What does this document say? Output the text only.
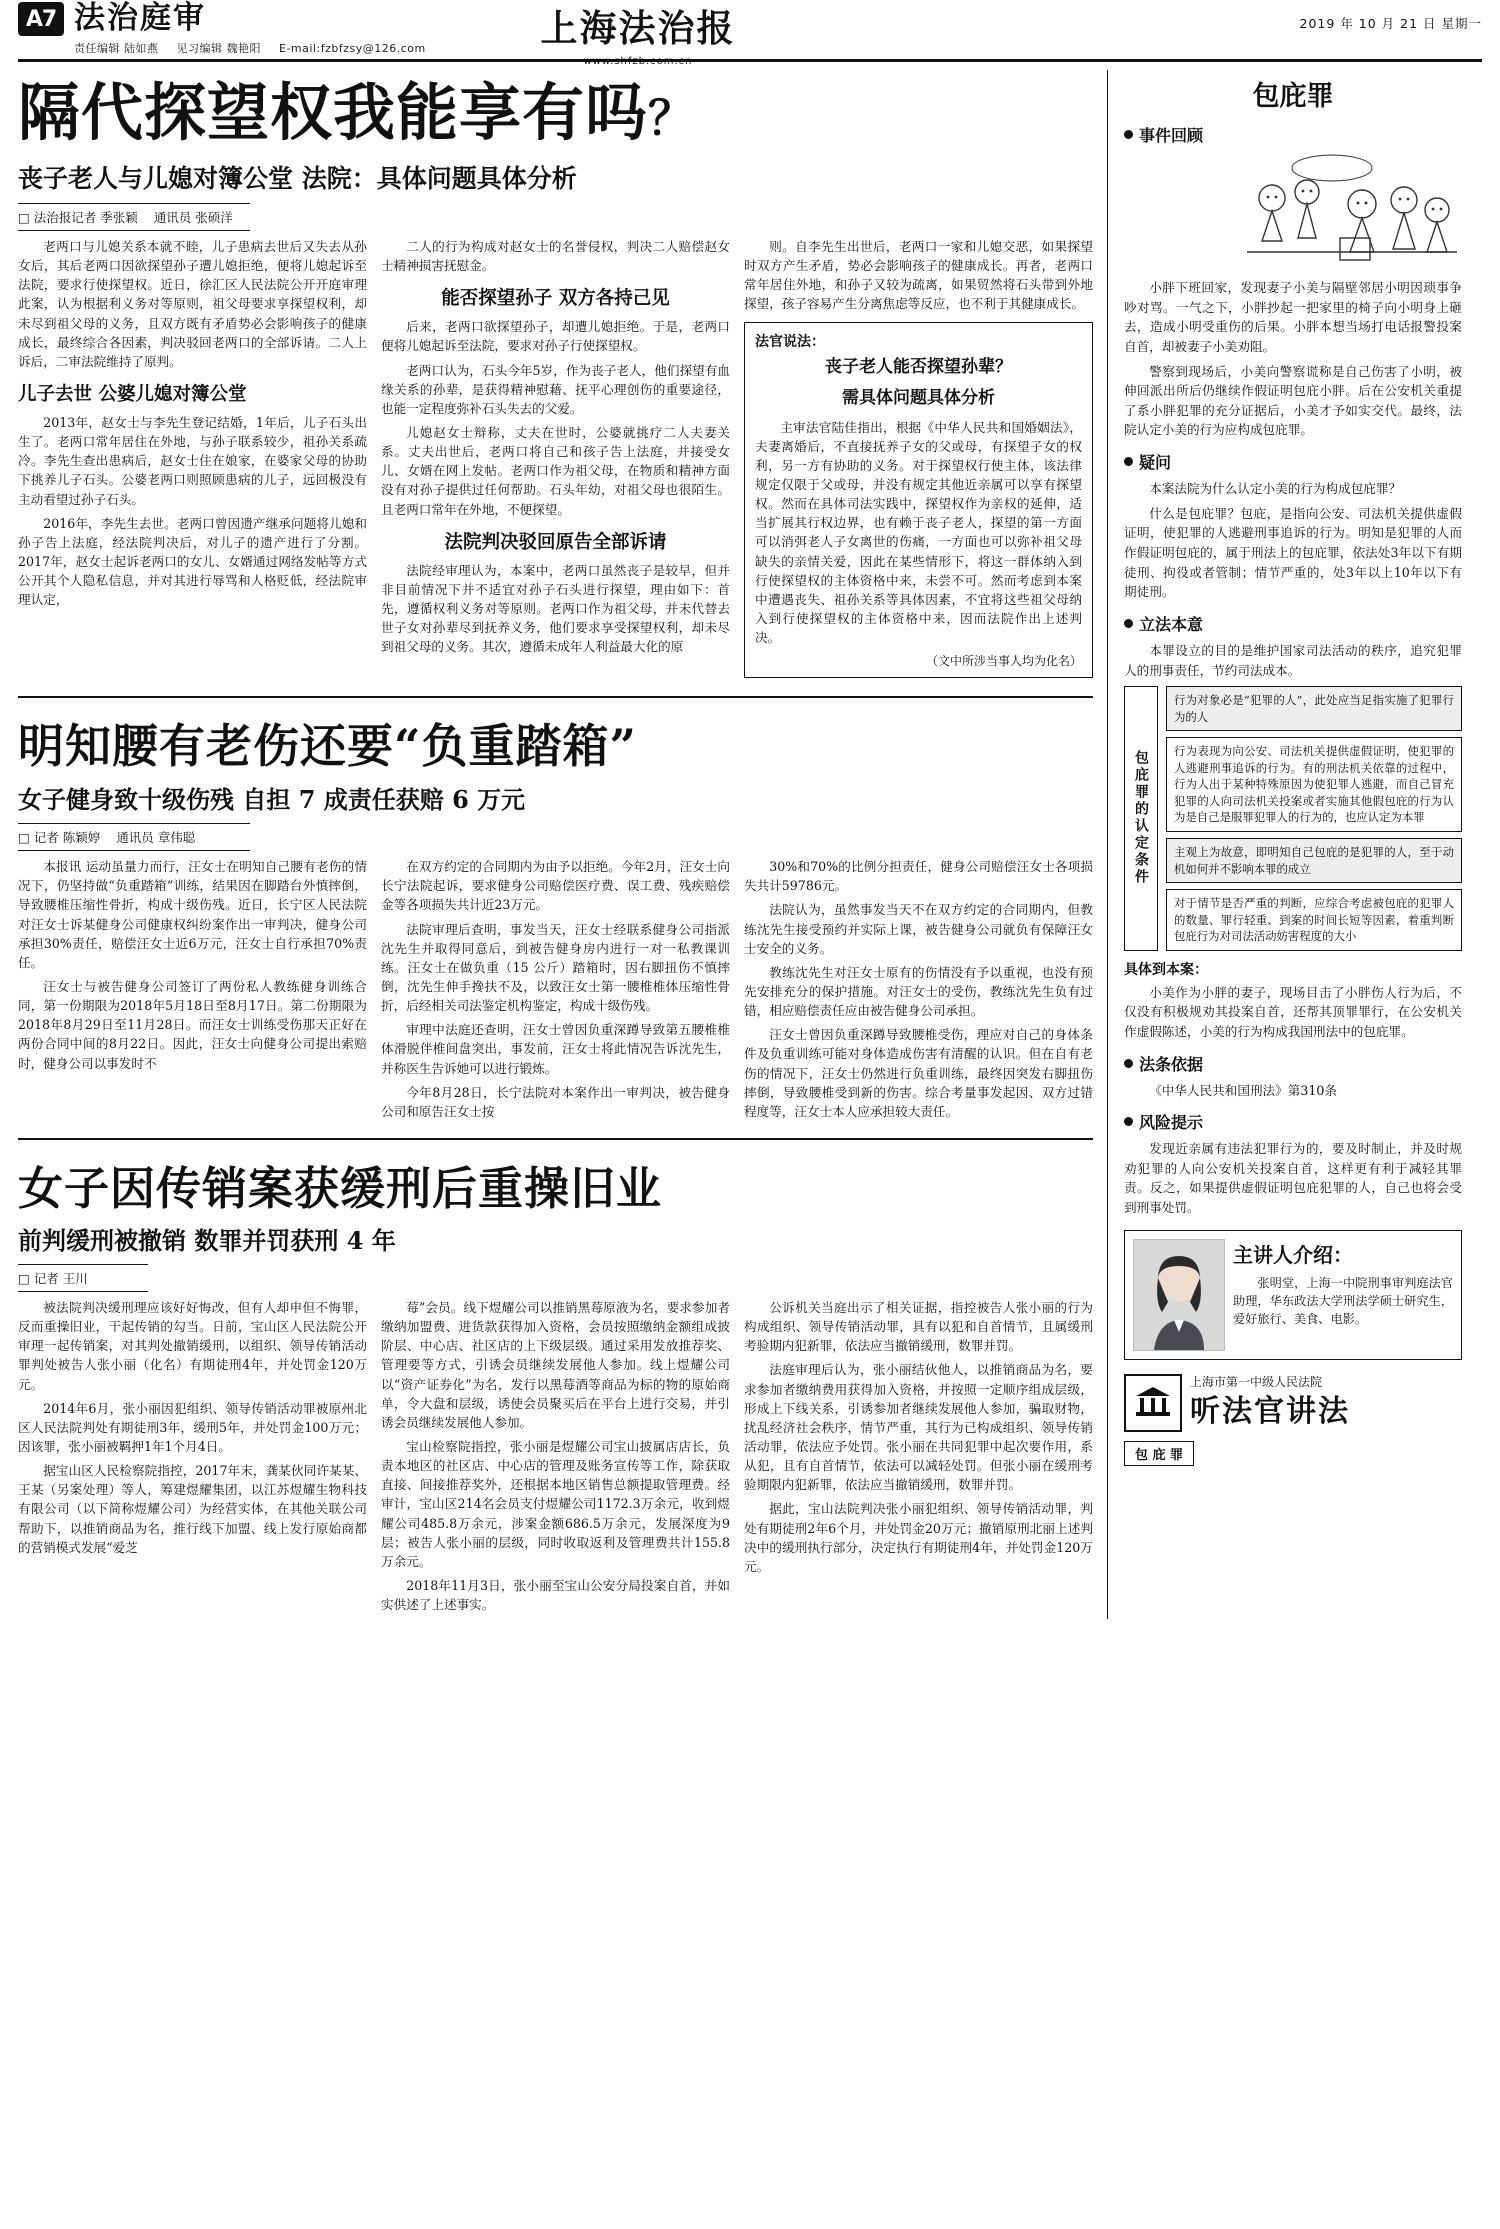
A7 法治庭审
责任编辑 陆如燕 见习编辑 魏艳阳 E-mail:fzbfzsy@126.com	上海法治报
www.shfzb.com.cn
2019 年 10 月 21 日 星期一
隔代探望权我能享有吗？
丧子老人与儿媳对簿公堂 法院：具体问题具体分析
□ 法治报记者 季张颖 通讯员 张硕洋

老两口与儿媳关系本就不睦，儿子患病去世后又失去从孙女后，其后老两口因欲探望孙子遭儿媳拒绝，便将儿媳起诉至法院，要求行使探望权。近日，徐汇区人民法院公开开庭审理此案，认为根据利义务对等原则，祖父母要求享探望权利，却未尽到祖父母的义务，且双方既有矛盾势必会影响孩子的健康成长，最终综合各因素，判决驳回老两口的全部诉请。二人上诉后，二审法院维持了原判。

儿子去世 公婆儿媳对簿公堂

2013年，赵女士与李先生登记结婚，1年后，儿子石头出生了。老两口常年居住在外地，与孙子联系较少，祖孙关系疏冷。李先生查出患病后，赵女士住在娘家，在婆家父母的协助下挑养儿子石头。公婆老两口则照顾患病的儿子，远回极没有主动看望过孙子石头。

2016年，李先生去世。老两口曾因遗产继承问题将儿媳和孙子告上法庭，经法院判决后，对儿子的遗产进行了分割。2017年，赵女士起诉老两口的女儿、女婿通过网络发帖等方式公开其个人隐私信息，并对其进行辱骂和人格贬低，经法院审理认定，

二人的行为构成对赵女士的名誉侵权，判决二人赔偿赵女士精神损害抚慰金。

能否探望孙子 双方各持己见

后来，老两口欲探望孙子，却遭儿媳拒绝。于是，老两口便将儿媳起诉至法院，要求对孙子行使探望权。

老两口认为，石头今年5岁，作为丧子老人，他们探望有血缘关系的孙辈，是获得精神慰藉、抚平心理创伤的重要途径，也能一定程度弥补石头失去的父爱。

儿媳赵女士辩称，丈夫在世时，公婆就挑疗二人夫妻关系。丈夫出世后，老两口将自己和孩子告上法庭，并接受女儿、女婿在网上发帖。老两口作为祖父母，在物质和精神方面没有对孙子提供过任何帮助。石头年幼，对祖父母也很陌生。且老两口常年在外地，不便探望。

法院判决驳回原告全部诉请

法院经审理认为，本案中，老两口虽然丧子是较早，但并非目前情况下并不适宜对孙子石头进行探望，理由如下：首先，遵循权利义务对等原则。老两口作为祖父母，并未代替去世子女对孙辈尽到抚养义务，他们要求享受探望权利，却未尽到祖父母的义务。其次，遵循未成年人利益最大化的原

则。自李先生出世后，老两口一家和儿媳交恶，如果探望时双方产生矛盾，势必会影响孩子的健康成长。再者，老两口常年居住外地，和孙子又较为疏离，如果贸然将石头带到外地探望，孩子容易产生分离焦虑等反应，也不利于其健康成长。

法官说法：
丧子老人能否探望孙辈？
需具体问题具体分析

主审法官陆佳指出，根据《中华人民共和国婚姻法》，夫妻离婚后，不直接抚养子女的父或母，有探望子女的权利，另一方有协助的义务。对于探望权行使主体，该法律规定仅限于父或母，并没有规定其他近亲属可以享有探望权。然而在具体司法实践中，探望权作为亲权的延伸，适当扩展其行权边界，也有赖于丧子老人，探望的第一方面可以消弭老人子女离世的伤痛，一方面也可以弥补祖父母缺失的亲情关爱，因此在某些情形下，将这一群体纳入到行使探望权的主体资格中来，未尝不可。然而考虑到本案中遭遇丧失、祖孙关系等具体因素，不宜将这些祖父母纳入到行使探望权的主体资格中来，因而法院作出上述判决。

（文中所涉当事人均为化名）
明知腰有老伤还要“负重踏箱”
女子健身致十级伤残 自担 7 成责任获赔 6 万元
□ 记者 陈颖婷 通讯员 章伟聪

本报讯 运动虽量力而行，汪女士在明知自己腰有老伤的情况下，仍坚持做“负重踏箱”训练，结果因在脚踏台外慎摔倒，导致腰椎压缩性骨折，构成十级伤残。近日，长宁区人民法院对汪女士诉某健身公司健康权纠纷案作出一审判决，健身公司承担30%责任，赔偿汪女士近6万元，汪女士自行承担70%责任。

汪女士与被告健身公司签订了两份私人教练健身训练合同，第一份期限为2018年5月18日至8月17日。第二份期限为2018年8月29日至11月28日。而汪女士训练受伤那天正好在两份合同中间的8月22日。因此，汪女士向健身公司提出索赔时，健身公司以事发时不

在双方约定的合同期内为由予以拒绝。今年2月，汪女士向长宁法院起诉，要求健身公司赔偿医疗费、误工费、残疾赔偿金等各项损失共计近23万元。

法院审理后查明，事发当天，汪女士经联系健身公司指派沈先生并取得同意后，到被告健身房内进行一对一私教课训练。汪女士在做负重（15 公斤）踏箱时，因右脚扭伤不慎摔倒，沈先生伸手搀扶不及，以致汪女士第一腰椎椎体压缩性骨折，后经相关司法鉴定机构鉴定，构成十级伤残。

审理中法庭还查明，汪女士曾因负重深蹲导致第五腰椎椎体滑脱伴椎间盘突出，事发前，汪女士将此情况告诉沈先生，并称医生告诉她可以进行锻炼。

今年8月28日，长宁法院对本案作出一审判决，被告健身公司和原告汪女士按

30%和70%的比例分担责任，健身公司赔偿汪女士各项损失共计59786元。

法院认为，虽然事发当天不在双方约定的合同期内，但教练沈先生接受预约并实际上课，被告健身公司就负有保障汪女士安全的义务。

教练沈先生对汪女士原有的伤情没有予以重视，也没有预先安排充分的保护措施。对汪女士的受伤，教练沈先生负有过错，相应赔偿责任应由被告健身公司承担。

汪女士曾因负重深蹲导致腰椎受伤，理应对自己的身体条件及负重训练可能对身体造成伤害有清醒的认识。但在自有老伤的情况下，汪女士仍然进行负重训练，最终因突发右脚扭伤摔倒，导致腰椎受到新的伤害。综合考量事发起因、双方过错程度等，汪女士本人应承担较大责任。

女子因传销案获缓刑后重操旧业
前判缓刑被撤销 数罪并罚获刑 4 年
□ 记者 王川

被法院判决缓刑理应该好好悔改，但有人却申但不悔罪，反而重操旧业，干起传销的勾当。日前，宝山区人民法院公开审理一起传销案，对其判处撤销缓刑，以组织、领导传销活动罪判处被告人张小丽（化名）有期徒刑4年，并处罚金120万元。

2014年6月，张小丽因犯组织、领导传销活动罪被原州北区人民法院判处有期徒刑3年，缓刑5年，并处罚金100万元；因该罪，张小丽被羁押1年1个月4日。

据宝山区人民检察院指控，2017年末，龚某伙同许某某、王某（另案处理）等人，筹建煜耀集团，以江苏煜耀生物科技有限公司（以下简称煜耀公司）为经营实体，在其他关联公司帮助下，以推销商品为名，推行线下加盟、线上发行原始商都的营销模式发展“爱芝

莓”会员。线下煜耀公司以推销黑莓原液为名，要求参加者缴纳加盟费、进货款获得加入资格，会员按照缴纳金额组成披阶层、中心店、社区店的上下级层级。通过采用发放推荐奖、管理要等方式，引诱会员继续发展他人参加。线上煜耀公司以“资产证券化”为名，发行以黑莓酒等商品为标的物的原始商单，令大盘和层级，诱使会员聚买后在平台上进行交易，并引诱会员继续发展他人参加。

宝山检察院指控，张小丽是煜耀公司宝山披属店店长，负责本地区的社区店、中心店的管理及账务宣传等工作，除获取直接、间接推荐奖外，还根据本地区销售总额提取管理费。经审计，宝山区214名会员支付煜耀公司1172.3万余元，收到煜耀公司485.8万余元，涉案金额686.5万余元，发展深度为9层；被告人张小丽的层级，同时收取返利及管理费共计155.8万余元。

2018年11月3日，张小丽至宝山公安分局投案自首，并如实供述了上述事实。

公诉机关当庭出示了相关证据，指控被告人张小丽的行为构成组织、领导传销活动罪，具有以犯和自首情节，且属缓刑考验期内犯新罪，依法应当撤销缓刑，数罪并罚。

法庭审理后认为，张小丽结伙他人，以推销商品为名，要求参加者缴纳费用获得加入资格，并按照一定顺序组成层级，形成上下线关系，引诱参加者继续发展他人参加，骗取财物，扰乱经济社会秩序，情节严重，其行为已构成组织、领导传销活动罪，依法应予处罚。张小丽在共同犯罪中起次要作用，系从犯，且有自首情节，依法可以减轻处罚。但张小丽在缓刑考验期限内犯新罪，依法应当撤销缓刑，数罪并罚。

据此，宝山法院判决张小丽犯组织、领导传销活动罪，判处有期徒刑2年6个月，并处罚金20万元；撤销原刑北丽上述判决中的缓刑执行部分，决定执行有期徒刑4年，并处罚金120万元。

包庇罪
事件回顾

小胖下班回家，发现妻子小美与隔壁邻居小明因琐事争吵对骂。一气之下，小胖抄起一把家里的椅子向小明身上砸去，造成小明受重伤的后果。小胖本想当场打电话报警投案自首，却被妻子小美劝阻。

警察到现场后，小美向警察谎称是自己伤害了小明，被伸回派出所后仍继续作假证明包庇小胖。后在公安机关重提了系小胖犯罪的充分证据后，小美才予如实交代。最终，法院认定小美的行为应构成包庇罪。

疑问

本案法院为什么认定小美的行为构成包庇罪？

什么是包庇罪？包庇，是指向公安、司法机关提供虚假证明，使犯罪的人逃避刑事追诉的行为。明知是犯罪的人而作假证明包庇的，属于刑法上的包庇罪，依法处3年以下有期徒刑、拘役或者管制；情节严重的，处3年以上10年以下有期徒刑。

立法本意

本罪设立的目的是维护国家司法活动的秩序，追究犯罪人的刑事责任，节约司法成本。

包庇罪的认定条件
行为对象必是“犯罪的人”，此处应当足指实施了犯罪行为的人
行为表现为向公安、司法机关提供虚假证明，使犯罪的人逃避刑事追诉的行为。有的刑法机关依靠的过程中，行为人出于某种特殊原因为使犯罪人逃避，而自己冒充犯罪的人向司法机关投案或者实施其他假包庇的行为认为是自己是服罪犯罪人的行为的，也应认定为本罪
主观上为故意，即明知自己包庇的是犯罪的人，至于动机如何并不影响本罪的成立
对于情节是否严重的判断，应综合考虑被包庇的犯罪人的数量、罪行轻重、到案的时间长短等因素，着重判断包庇行为对司法活动妨害程度的大小
具体到本案：

小美作为小胖的妻子，现场目击了小胖伤人行为后，不仅没有积极规劝其投案自首，还帮其顶罪罪行，在公安机关作虚假陈述，小美的行为构成我国刑法中的包庇罪。

法条依据

《中华人民共和国刑法》第310条

风险提示

发现近亲属有违法犯罪行为的，要及时制止，并及时规劝犯罪的人向公安机关投案自首，这样更有利于减轻其罪责。反之，如果提供虚假证明包庇犯罪的人，自己也将会受到刑事处罚。

主讲人介绍：

张明堂，上海一中院刑事审判庭法官助理，华东政法大学刑法学硕士研究生，爱好旅行、美食、电影。

上海市第一中级人民法院
听法官讲法
包 庇 罪
